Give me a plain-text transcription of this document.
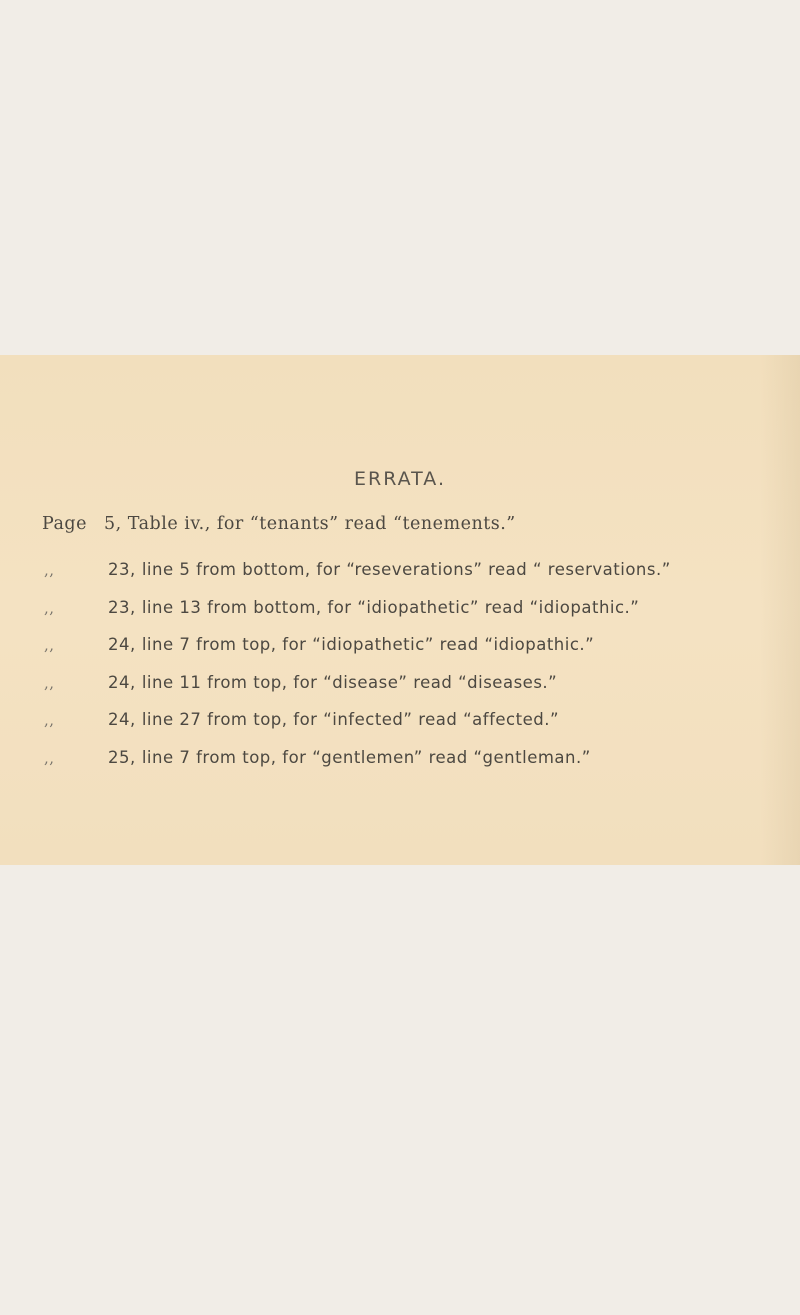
ERRATA.
Page 5, Table iv., for “tenants” read “tenements.”
,,	23, line 5 from bottom, for “reseverations” read “ reservations.”
,,	23, line 13 from bottom, for “idiopathetic” read “idiopathic.”
,,	24, line 7 from top, for “idiopathetic” read “idiopathic.”
,,	24, line 11 from top, for “disease” read “diseases.”
,,	24, line 27 from top, for “infected” read “affected.”
,,	25, line 7 from top, for “gentlemen” read “gentleman.”
